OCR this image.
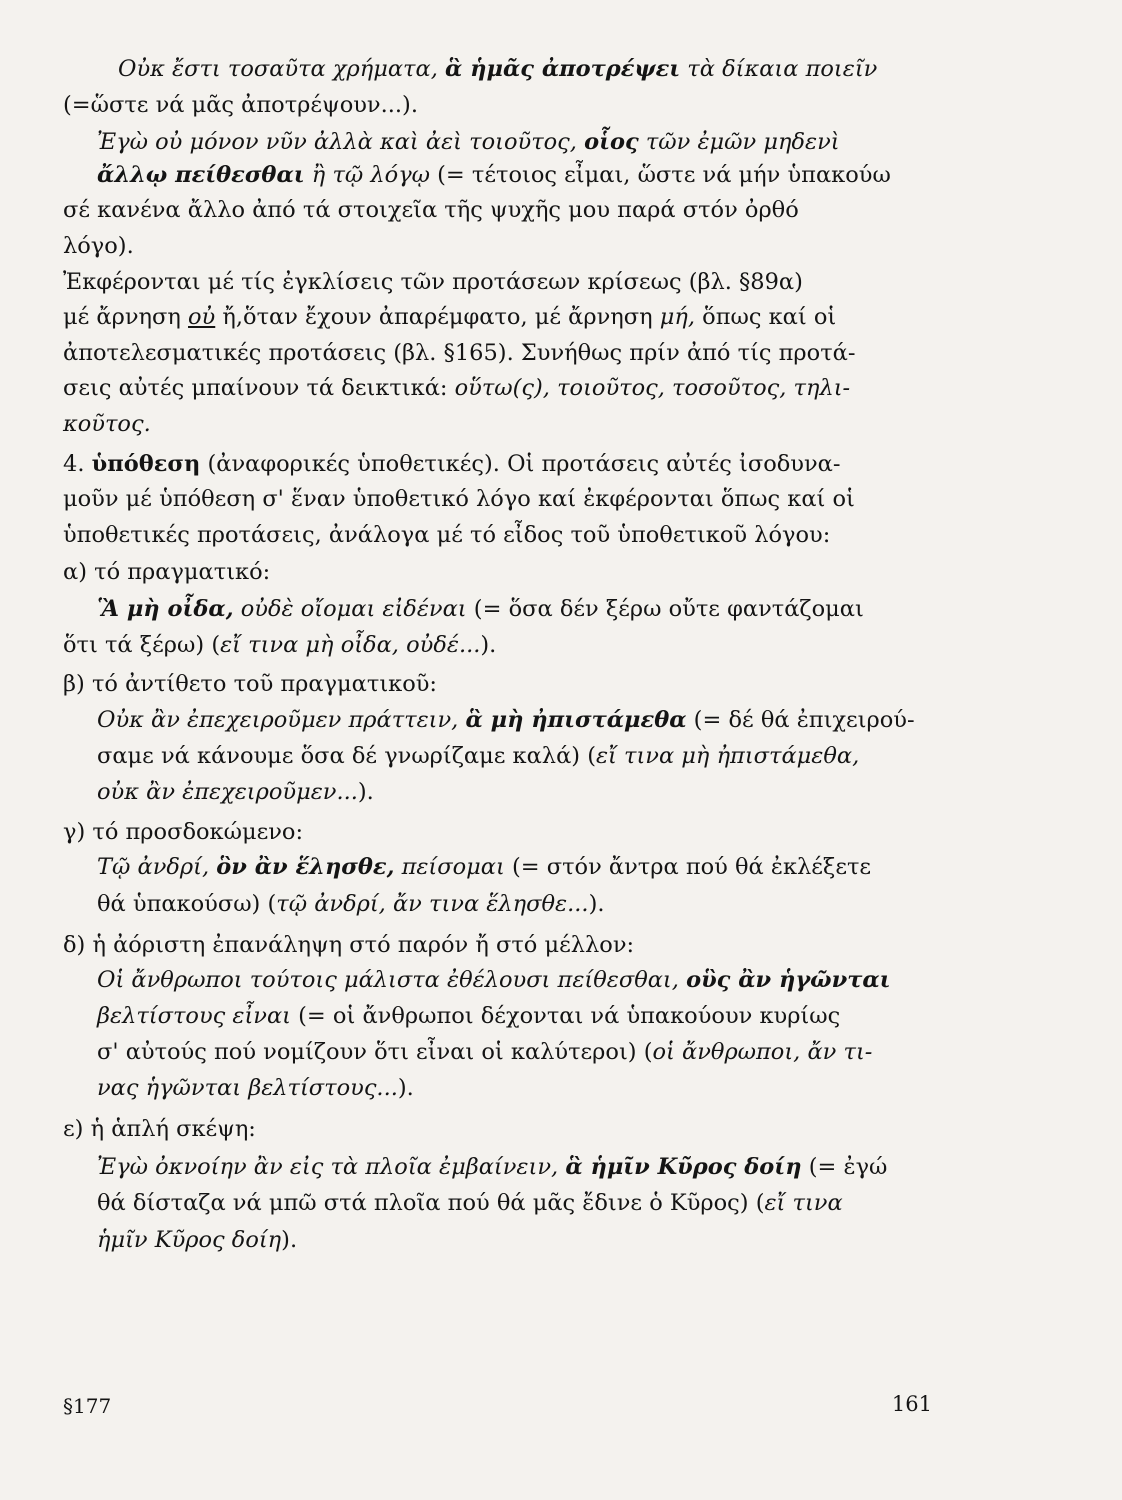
Οὐκ ἔστι τοσαῦτα χρήματα, ἃ ἡμᾶς ἀποτρέψει τὰ δίκαια ποιεῖν
(=ὥστε νά μᾶς ἀποτρέψουν...).
Ἐγὼ οὐ μόνον νῦν ἀλλὰ καὶ ἀεὶ τοιοῦτος, οἷος τῶν ἐμῶν μηδενὶ
ἄλλῳ πείθεσθαι ἢ τῷ λόγῳ (= τέτοιος εἶμαι, ὥστε νά μήν ὑπακούω
σέ κανένα ἄλλο ἀπό τά στοιχεῖα τῆς ψυχῆς μου παρά στόν ὀρθό
λόγο).
Ἐκφέρονται μέ τίς ἐγκλίσεις τῶν προτάσεων κρίσεως (βλ. §89α)
μέ ἄρνηση οὐ ἤ,ὅταν ἔχουν ἀπαρέμφατο, μέ ἄρνηση μή, ὅπως καί οἱ
ἀποτελεσματικές προτάσεις (βλ. §165). Συνήθως πρίν ἀπό τίς προτά-
σεις αὐτές μπαίνουν τά δεικτικά: οὕτω(ς), τοιοῦτος, τοσοῦτος, τηλι-
κοῦτος.
4. ὑπόθεση (ἀναφορικές ὑποθετικές). Οἱ προτάσεις αὐτές ἰσοδυνα-
μοῦν μέ ὑπόθεση σ' ἕναν ὑποθετικό λόγο καί ἐκφέρονται ὅπως καί οἱ
ὑποθετικές προτάσεις, ἀνάλογα μέ τό εἶδος τοῦ ὑποθετικοῦ λόγου:
α) τό πραγματικό:
Ἃ μὴ οἶδα, οὐδὲ οἴομαι εἰδέναι (= ὅσα δέν ξέρω οὔτε φαντάζομαι
ὅτι τά ξέρω) (εἴ τινα μὴ οἶδα, οὐδέ...).
β) τό ἀντίθετο τοῦ πραγματικοῦ:
Οὐκ ἂν ἐπεχειροῦμεν πράττειν, ἃ μὴ ἠπιστάμεθα (= δέ θά ἐπιχειρού-
σαμε νά κάνουμε ὅσα δέ γνωρίζαμε καλά) (εἴ τινα μὴ ἠπιστάμεθα,
οὐκ ἂν ἐπεχειροῦμεν...).
γ) τό προσδοκώμενο:
Τῷ ἀνδρί, ὃν ἂν ἕλησθε, πείσομαι (= στόν ἄντρα πού θά ἐκλέξετε
θά ὑπακούσω) (τῷ ἀνδρί, ἄν τινα ἕλησθε...).
δ) ἡ ἀόριστη ἐπανάληψη στό παρόν ἤ στό μέλλον:
Οἱ ἄνθρωποι τούτοις μάλιστα ἐθέλουσι πείθεσθαι, οὓς ἂν ἡγῶνται
βελτίστους εἶναι (= οἱ ἄνθρωποι δέχονται νά ὑπακούουν κυρίως
σ' αὐτούς πού νομίζουν ὅτι εἶναι οἱ καλύτεροι) (οἱ ἄνθρωποι, ἄν τι-
νας ἡγῶνται βελτίστους...).
ε) ἡ ἁπλή σκέψη:
Ἐγὼ ὀκνοίην ἂν εἰς τὰ πλοῖα ἐμβαίνειν, ἃ ἡμῖν Κῦρος δοίη (= ἐγώ
θά δίσταζα νά μπῶ στά πλοῖα πού θά μᾶς ἔδινε ὁ Κῦρος) (εἴ τινα
ἡμῖν Κῦρος δοίη).
§177	161
